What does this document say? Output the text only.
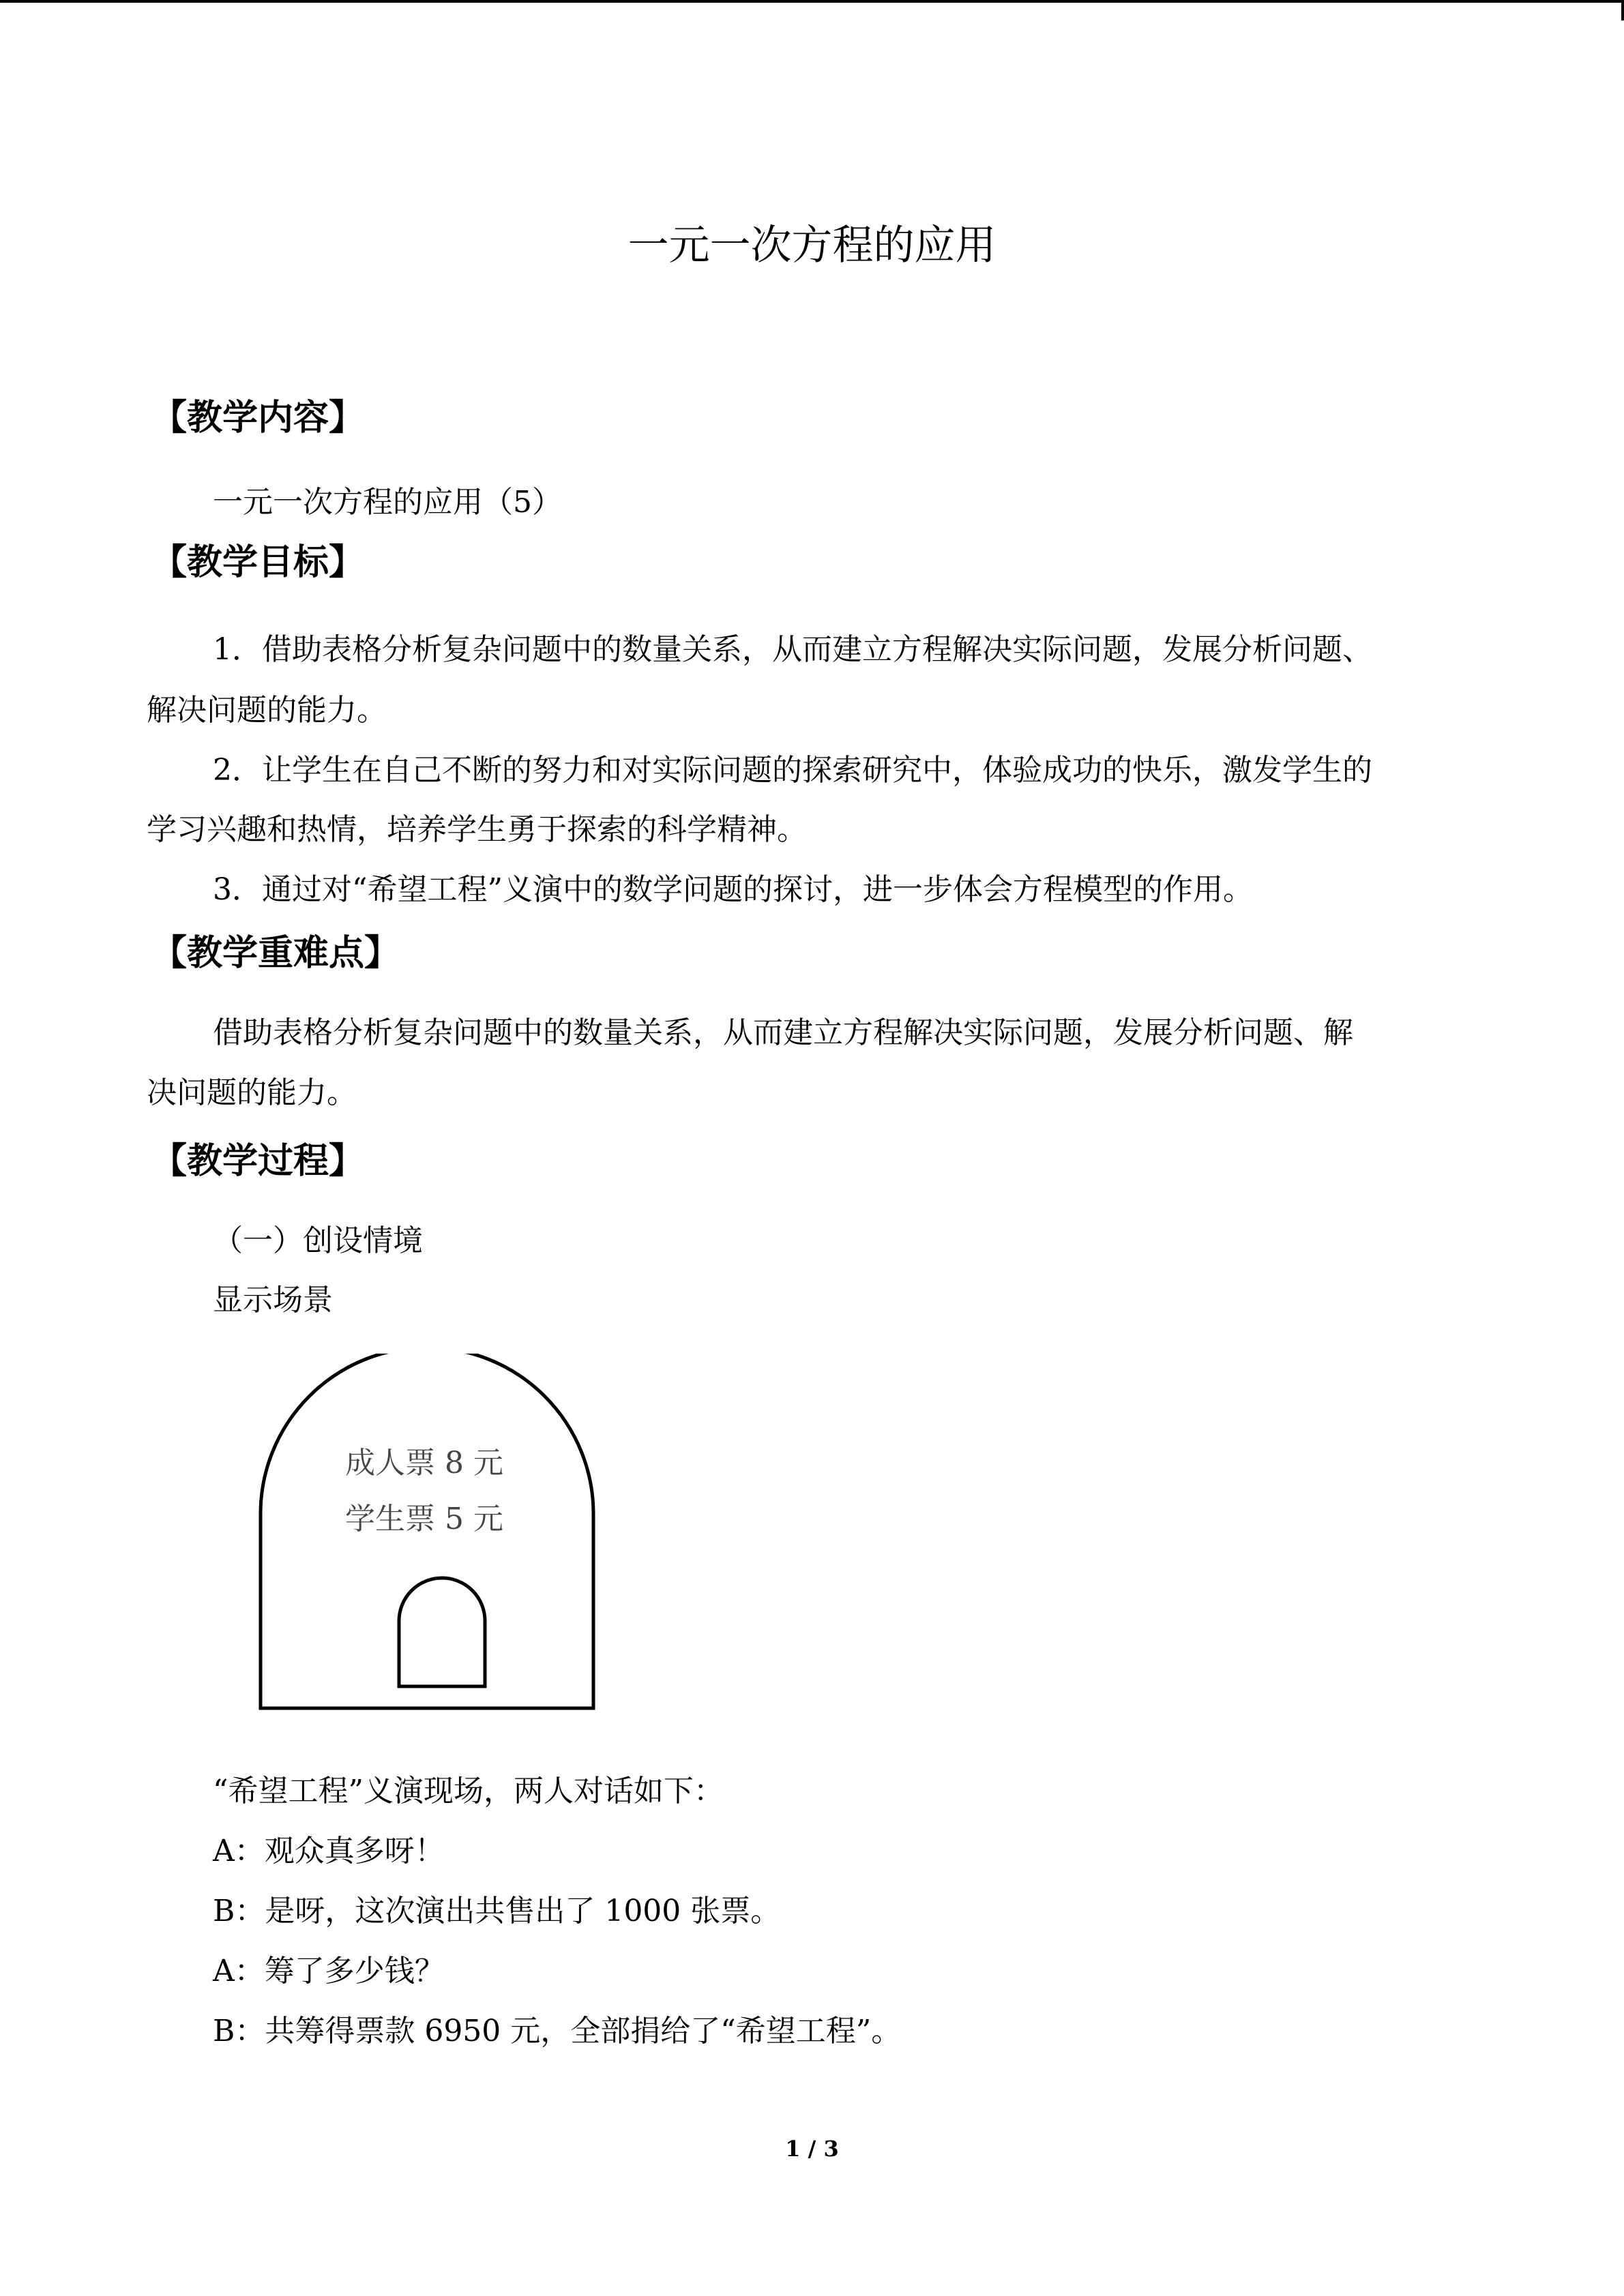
一元一次方程的应用
【教学内容】
一元一次方程的应用（5）
【教学目标】
1．借助表格分析复杂问题中的数量关系，从而建立方程解决实际问题，发展分析问题、
解决问题的能力。
2．让学生在自己不断的努力和对实际问题的探索研究中，体验成功的快乐，激发学生的
学习兴趣和热情，培养学生勇于探索的科学精神。
3．通过对“希望工程”义演中的数学问题的探讨，进一步体会方程模型的作用。
【教学重难点】
借助表格分析复杂问题中的数量关系，从而建立方程解决实际问题，发展分析问题、解
决问题的能力。
【教学过程】
（一）创设情境
显示场景
成人票 8 元
学生票 5 元
“希望工程”义演现场，两人对话如下：
A：观众真多呀！
B：是呀，这次演出共售出了 1000 张票。
A：筹了多少钱？
B：共筹得票款 6950 元，全部捐给了“希望工程”。
1 / 3
